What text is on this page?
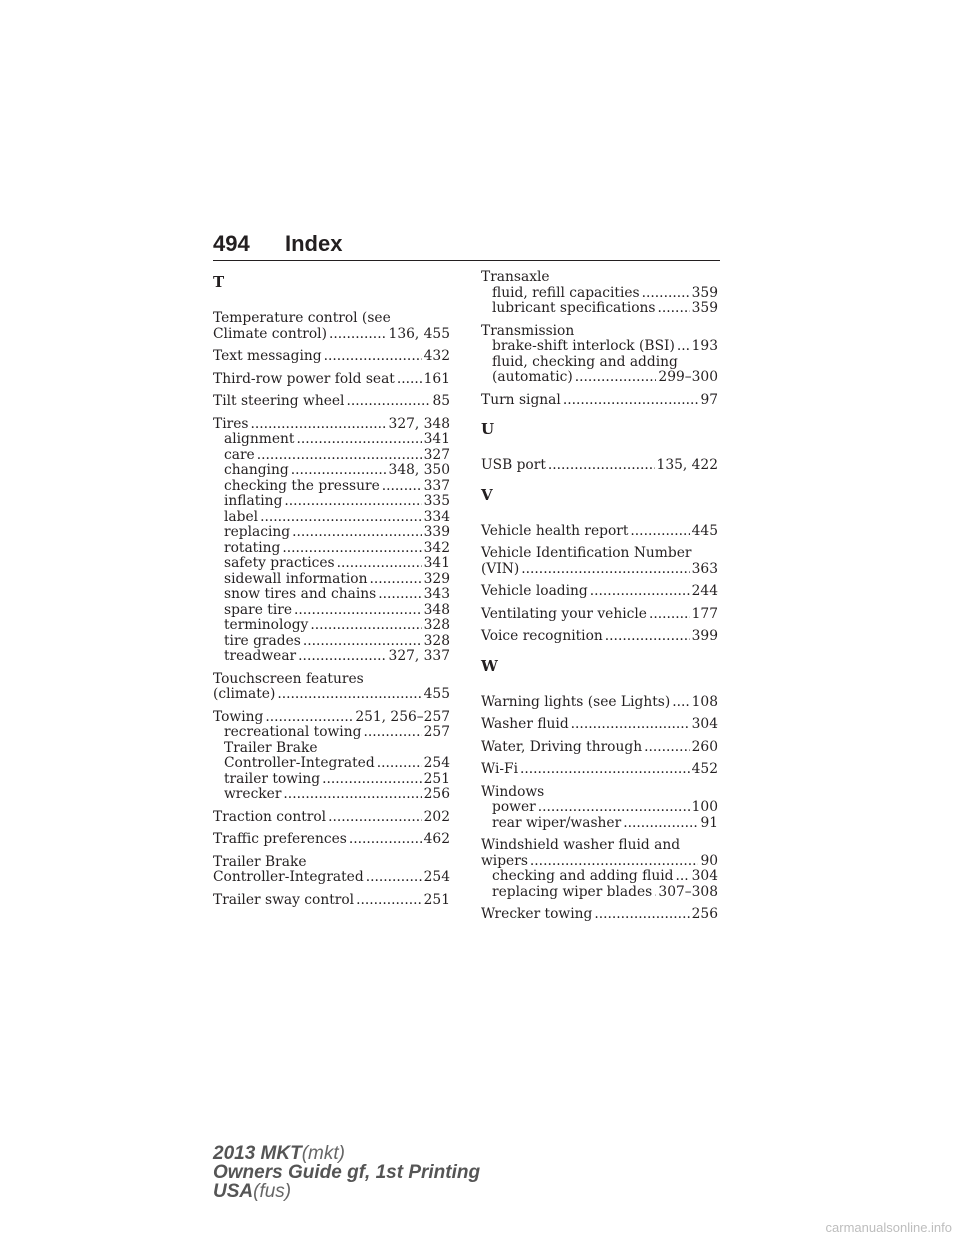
494 Index
T
Temperature control (see
Climate control) .....	136, 455
Text messaging .....	432
Third-row power fold seat ..... 161
Tilt steering wheel .....	85
Tires .....	327, 348
alignment .....	341
care .....	327
changing .....	348, 350
checking the pressure .....	337
inflating .....	335
label .....	334
replacing .....	339
rotating .....	342
safety practices .....	341
sidewall information .....	329
snow tires and chains .....	343
spare tire .....	348
terminology .....	328
tire grades .....	328
treadwear .....	327, 337
Touchscreen features
(climate) .....	455
Towing .....	251, 256–257
recreational towing .....	257
Trailer Brake
Controller-Integrated .....	254
trailer towing .....	251
wrecker .....	256
Traction control .....	202
Traffic preferences .....	462
Trailer Brake
Controller-Integrated .....	254
Trailer sway control .....	251
Transaxle
fluid, refill capacities .....	359
lubricant specifications .....	359
Transmission
brake-shift interlock (BSI) ..... 193
fluid, checking and adding
(automatic) .....	299–300
Turn signal .....	97
U
USB port .....	135, 422
V
Vehicle health report .....	445
Vehicle Identification Number
(VIN) .....	363
Vehicle loading .....	244
Ventilating your vehicle .....	177
Voice recognition .....	399
W
Warning lights (see Lights) ..... 108
Washer fluid .....	304
Water, Driving through .....	260
Wi-Fi .....	452
Windows
power .....	100
rear wiper/washer .....	91
Windshield washer fluid and
wipers .....	90
checking and adding fluid ..... 304
replacing wiper blades ..... 307–308
Wrecker towing .....	256
2013 MKT(mkt)
Owners Guide gf, 1st Printing
USA(fus)
carmanualsonline.info
